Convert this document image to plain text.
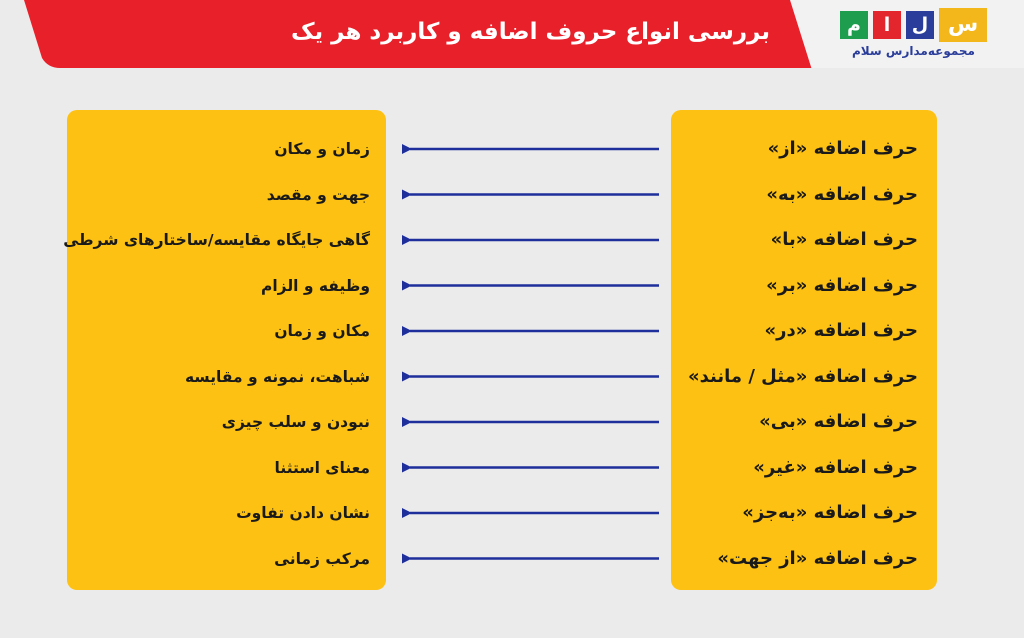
بررسی انواع حروف اضافه و کاربرد هر یک	م	ا	ل س
مجموعه‌مدارس سلام
حرف اضافه «از»
زمان و مکان
حرف اضافه «به»
جهت و مقصد
حرف اضافه «با»
گاهی جایگاه مقایسه/ساختارهای شرطی
حرف اضافه «بر»
وظیفه و الزام
حرف اضافه «در»
مکان و زمان
حرف اضافه «مثل / مانند»
شباهت، نمونه و مقایسه
حرف اضافه «بی»
نبودن و سلب چیزی
حرف اضافه «غیر»
معنای استثنا
حرف اضافه «به‌جز»
نشان دادن تفاوت
حرف اضافه «از جهت»
مرکب زمانی
